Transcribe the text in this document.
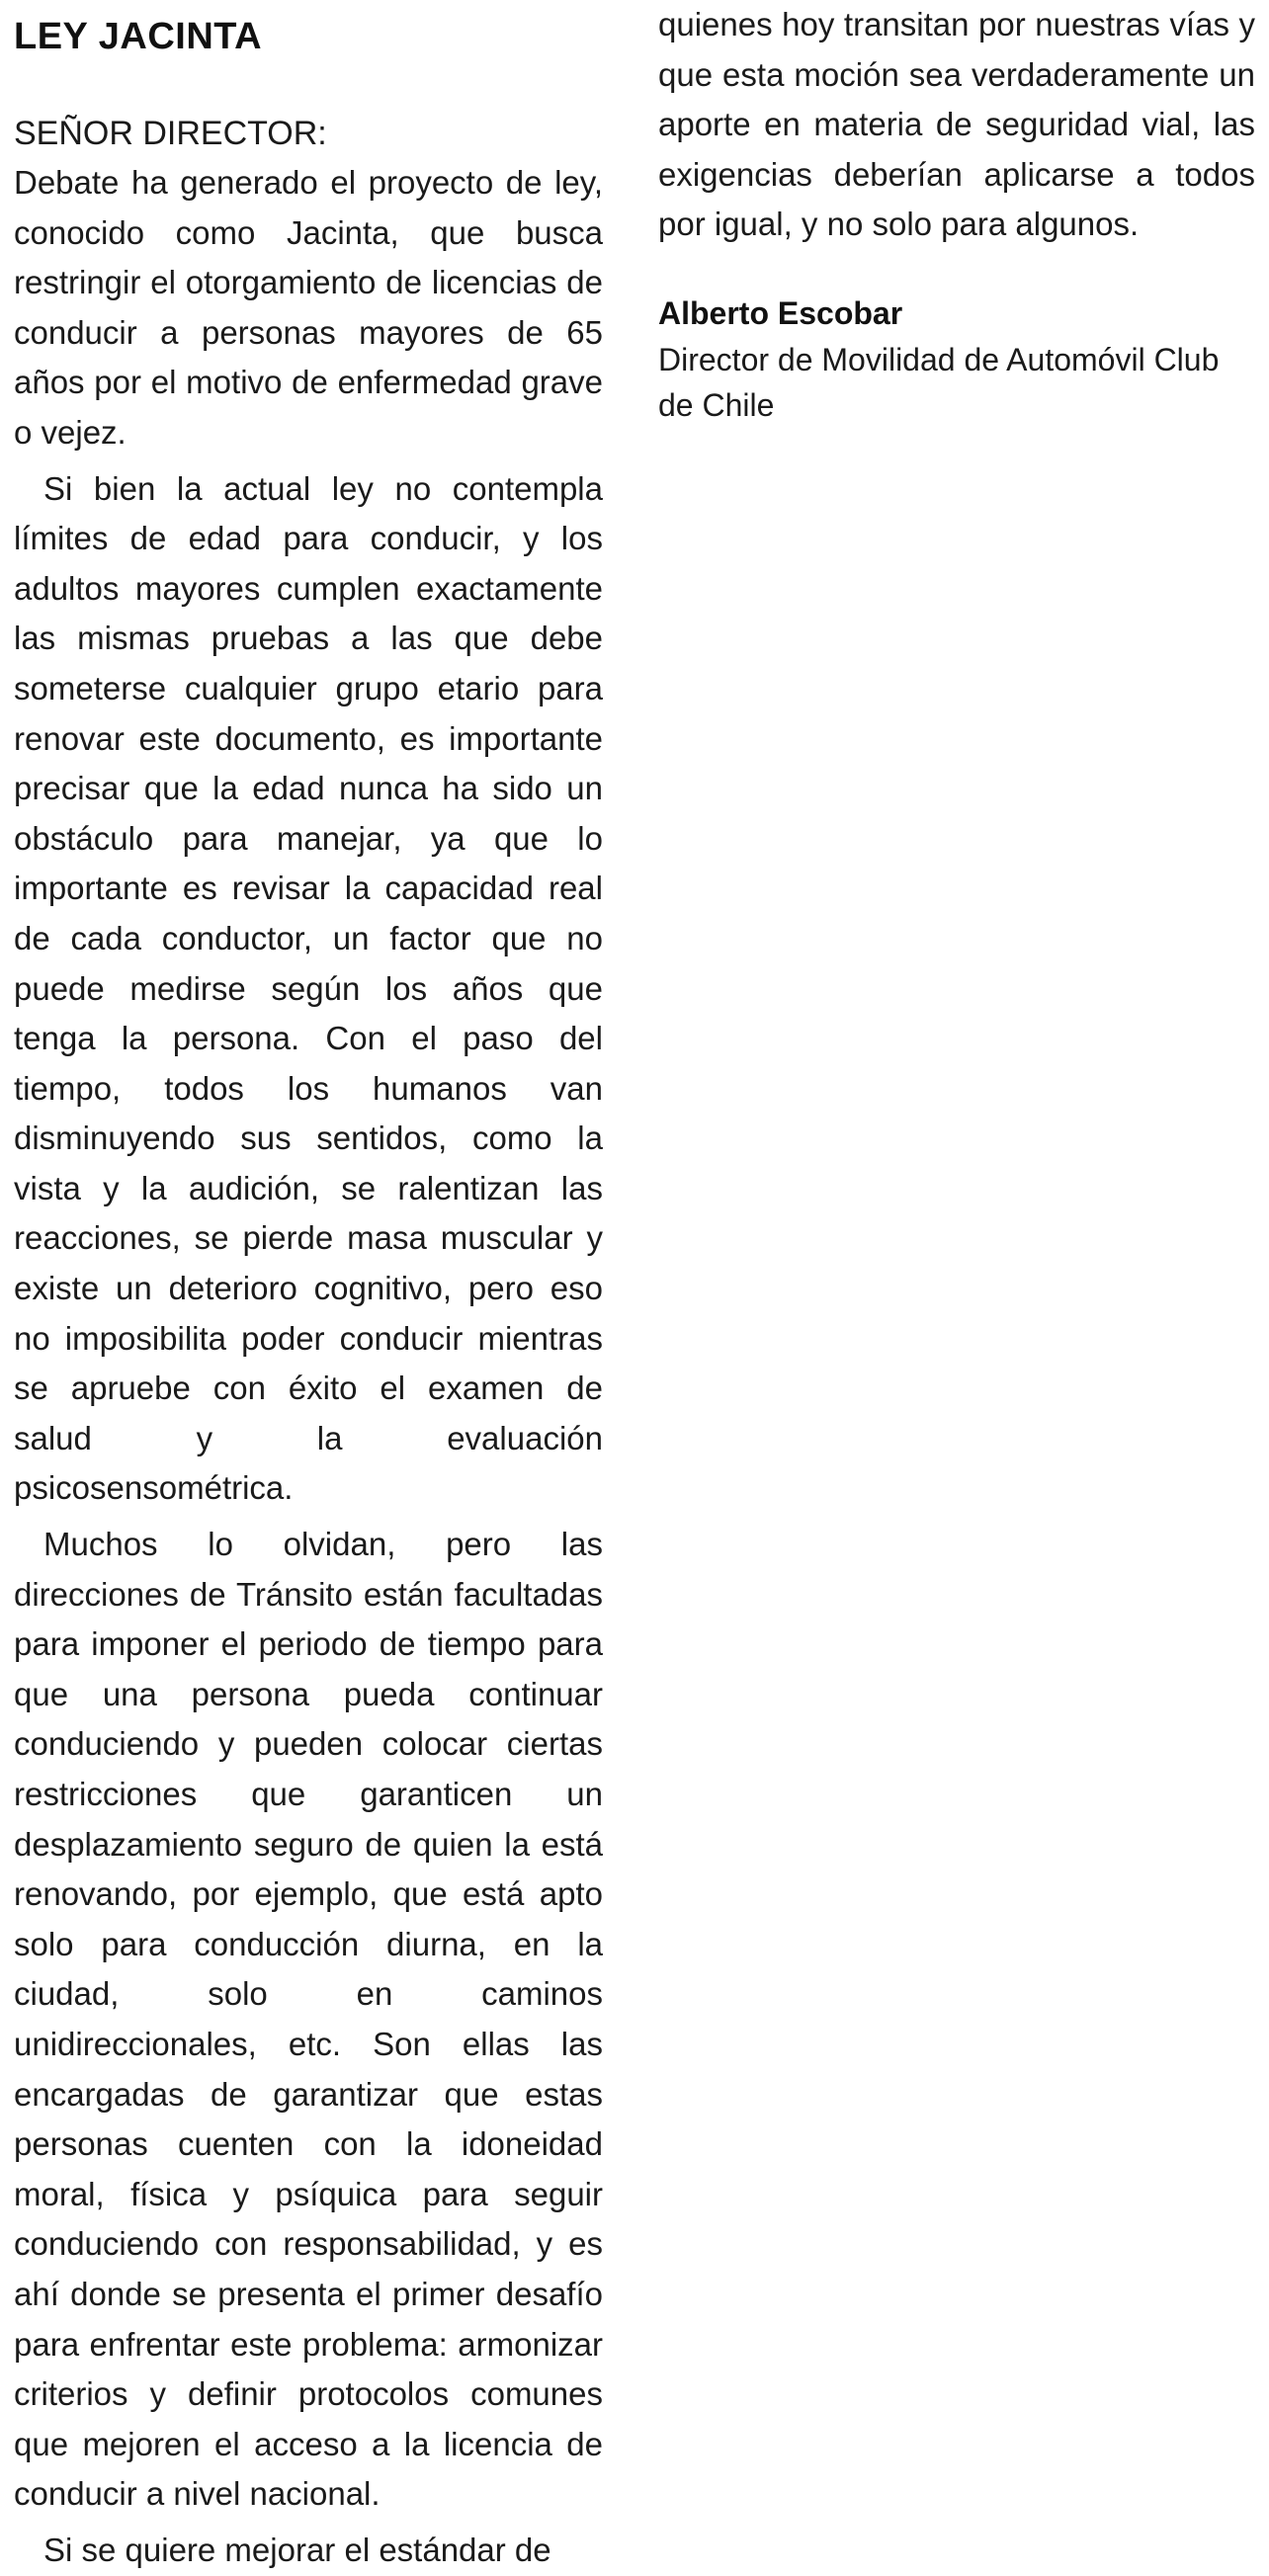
LEY JACINTA

SEÑOR DIRECTOR:

Debate ha generado el proyecto de ley, conocido como Jacinta, que busca restringir el otorgamiento de licencias de conducir a personas mayores de 65 años por el motivo de enfermedad grave o vejez.

Si bien la actual ley no contempla límites de edad para conducir, y los adultos mayores cumplen exactamente las mismas pruebas a las que debe someterse cualquier grupo etario para renovar este documento, es importante precisar que la edad nunca ha sido un obstáculo para manejar, ya que lo importante es revisar la capacidad real de cada conductor, un factor que no puede medirse según los años que tenga la persona. Con el paso del tiempo, todos los humanos van disminuyendo sus sentidos, como la vista y la audición, se ralentizan las reacciones, se pierde masa muscular y existe un deterioro cognitivo, pero eso no imposibilita poder conducir mientras se apruebe con éxito el examen de salud y la evaluación psicosensométrica.

Muchos lo olvidan, pero las direcciones de Tránsito están facultadas para imponer el periodo de tiempo para que una persona pueda continuar conduciendo y pueden colocar ciertas restricciones que garanticen un desplazamiento seguro de quien la está renovando, por ejemplo, que está apto solo para conducción diurna, en la ciudad, solo en caminos unidireccionales, etc. Son ellas las encargadas de garantizar que estas personas cuenten con la idoneidad moral, física y psíquica para seguir conduciendo con responsabilidad, y es ahí donde se presenta el primer desafío para enfrentar este problema: armonizar criterios y definir protocolos comunes que mejoren el acceso a la licencia de conducir a nivel nacional.

Si se quiere mejorar el estándar de

quienes hoy transitan por nuestras vías y que esta moción sea verdaderamente un aporte en materia de seguridad vial, las exigencias deberían aplicarse a todos por igual, y no solo para algunos.

Alberto Escobar

Director de Movilidad de Automóvil Club de Chile
